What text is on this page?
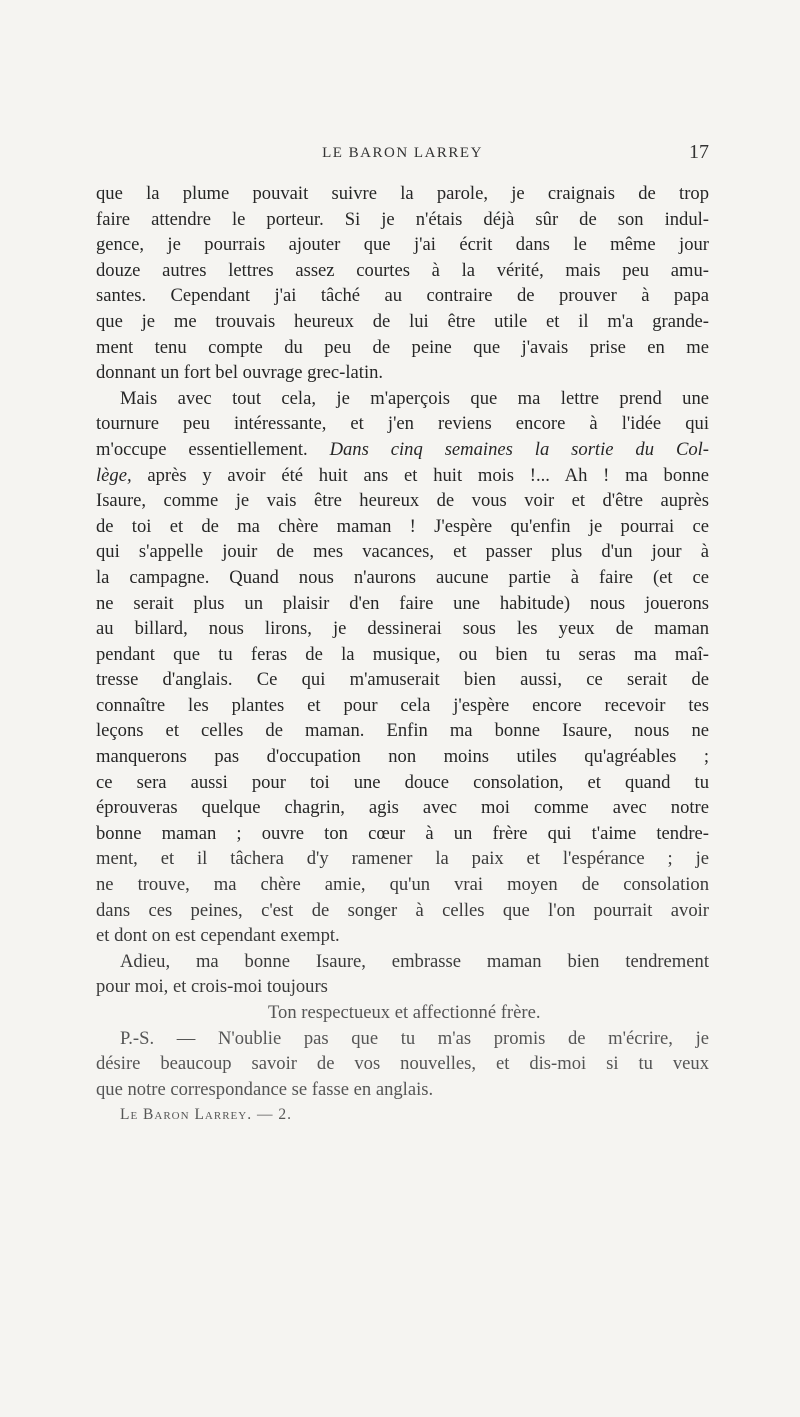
LE BARON LARREY	17
que la plume pouvait suivre la parole, je craignais de trop
faire attendre le porteur. Si je n'étais déjà sûr de son indul-
gence, je pourrais ajouter que j'ai écrit dans le même jour
douze autres lettres assez courtes à la vérité, mais peu amu-
santes. Cependant j'ai tâché au contraire de prouver à papa
que je me trouvais heureux de lui être utile et il m'a grande-
ment tenu compte du peu de peine que j'avais prise en me
donnant un fort bel ouvrage grec-latin.
Mais avec tout cela, je m'aperçois que ma lettre prend une
tournure peu intéressante, et j'en reviens encore à l'idée qui
m'occupe essentiellement. Dans cinq semaines la sortie du Col-
lège, après y avoir été huit ans et huit mois !... Ah ! ma bonne
Isaure, comme je vais être heureux de vous voir et d'être auprès
de toi et de ma chère maman ! J'espère qu'enfin je pourrai ce
qui s'appelle jouir de mes vacances, et passer plus d'un jour à
la campagne. Quand nous n'aurons aucune partie à faire (et ce
ne serait plus un plaisir d'en faire une habitude) nous jouerons
au billard, nous lirons, je dessinerai sous les yeux de maman
pendant que tu feras de la musique, ou bien tu seras ma maî-
tresse d'anglais. Ce qui m'amuserait bien aussi, ce serait de
connaître les plantes et pour cela j'espère encore recevoir tes
leçons et celles de maman. Enfin ma bonne Isaure, nous ne
manquerons pas d'occupation non moins utiles qu'agréables ;
ce sera aussi pour toi une douce consolation, et quand tu
éprouveras quelque chagrin, agis avec moi comme avec notre
bonne maman ; ouvre ton cœur à un frère qui t'aime tendre-
ment, et il tâchera d'y ramener la paix et l'espérance ; je
ne trouve, ma chère amie, qu'un vrai moyen de consolation
dans ces peines, c'est de songer à celles que l'on pourrait avoir
et dont on est cependant exempt.
Adieu, ma bonne Isaure, embrasse maman bien tendrement
pour moi, et crois-moi toujours
Ton respectueux et affectionné frère.
P.-S. — N'oublie pas que tu m'as promis de m'écrire, je
désire beaucoup savoir de vos nouvelles, et dis-moi si tu veux
que notre correspondance se fasse en anglais.
Le Baron Larrey. — 2.
